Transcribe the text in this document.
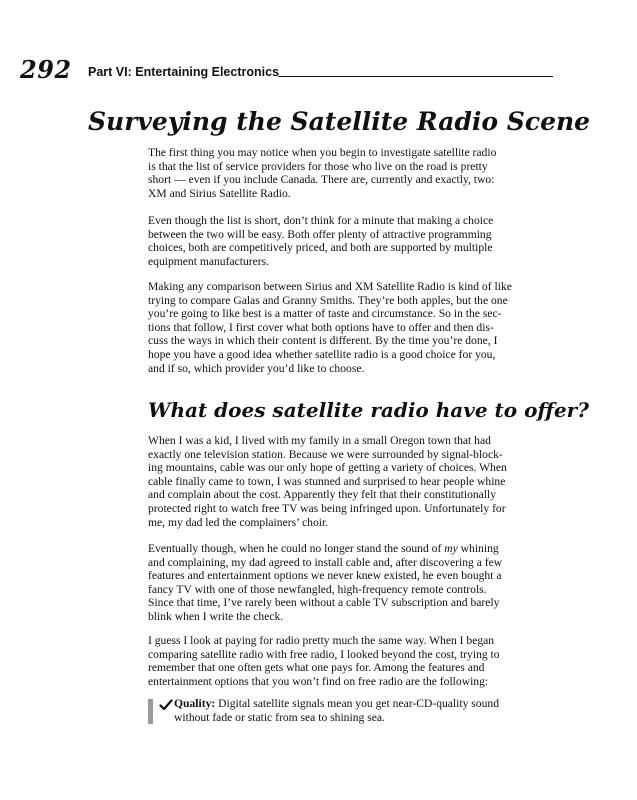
292 Part VI: Entertaining Electronics
Surveying the Satellite Radio Scene
The first thing you may notice when you begin to investigate satellite radio
is that the list of service providers for those who live on the road is pretty
short — even if you include Canada. There are, currently and exactly, two:
XM and Sirius Satellite Radio.
Even though the list is short, don’t think for a minute that making a choice
between the two will be easy. Both offer plenty of attractive programming
choices, both are competitively priced, and both are supported by multiple
equipment manufacturers.
Making any comparison between Sirius and XM Satellite Radio is kind of like
trying to compare Galas and Granny Smiths. They’re both apples, but the one
you’re going to like best is a matter of taste and circumstance. So in the sec-
tions that follow, I first cover what both options have to offer and then dis-
cuss the ways in which their content is different. By the time you’re done, I
hope you have a good idea whether satellite radio is a good choice for you,
and if so, which provider you’d like to choose.
What does satellite radio have to offer?
When I was a kid, I lived with my family in a small Oregon town that had
exactly one television station. Because we were surrounded by signal-block-
ing mountains, cable was our only hope of getting a variety of choices. When
cable finally came to town, I was stunned and surprised to hear people whine
and complain about the cost. Apparently they felt that their constitutionally
protected right to watch free TV was being infringed upon. Unfortunately for
me, my dad led the complainers’ choir.
Eventually though, when he could no longer stand the sound of my whining
and complaining, my dad agreed to install cable and, after discovering a few
features and entertainment options we never knew existed, he even bought a
fancy TV with one of those newfangled, high-frequency remote controls.
Since that time, I’ve rarely been without a cable TV subscription and barely
blink when I write the check.
I guess I look at paying for radio pretty much the same way. When I began
comparing satellite radio with free radio, I looked beyond the cost, trying to
remember that one often gets what one pays for. Among the features and
entertainment options that you won’t find on free radio are the following:
Quality: Digital satellite signals mean you get near-CD-quality sound
without fade or static from sea to shining sea.
